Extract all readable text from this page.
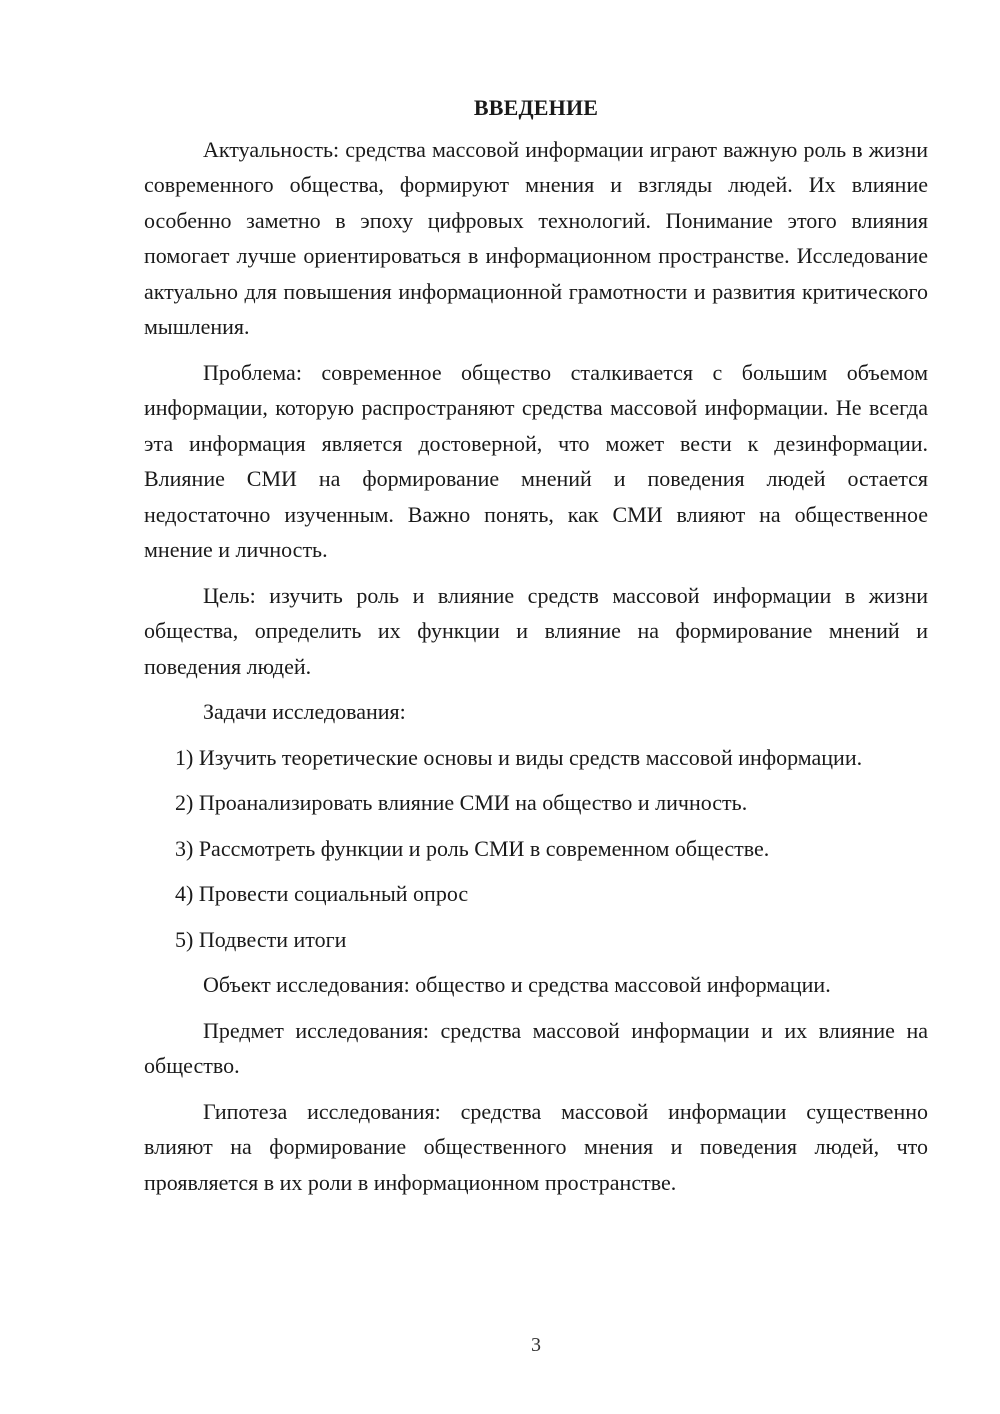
ВВЕДЕНИЕ

Актуальность: средства массовой информации играют важную роль в жизни современного общества, формируют мнения и взгляды людей. Их влияние особенно заметно в эпоху цифровых технологий. Понимание этого влияния помогает лучше ориентироваться в информационном пространстве. Исследование актуально для повышения информационной грамотности и развития критического мышления.

Проблема: современное общество сталкивается с большим объемом информации, которую распространяют средства массовой информации. Не всегда эта информация является достоверной, что может вести к дезинформации. Влияние СМИ на формирование мнений и поведения людей остается недостаточно изученным. Важно понять, как СМИ влияют на общественное мнение и личность.

Цель: изучить роль и влияние средств массовой информации в жизни общества, определить их функции и влияние на формирование мнений и поведения людей.

Задачи исследования:

1) Изучить теоретические основы и виды средств массовой информации.

2) Проанализировать влияние СМИ на общество и личность.

3) Рассмотреть функции и роль СМИ в современном обществе.

4) Провести социальный опрос

5) Подвести итоги

Объект исследования: общество и средства массовой информации.

Предмет исследования: средства массовой информации и их влияние на общество.

Гипотеза исследования: средства массовой информации существенно влияют на формирование общественного мнения и поведения людей, что проявляется в их роли в информационном пространстве.

3
